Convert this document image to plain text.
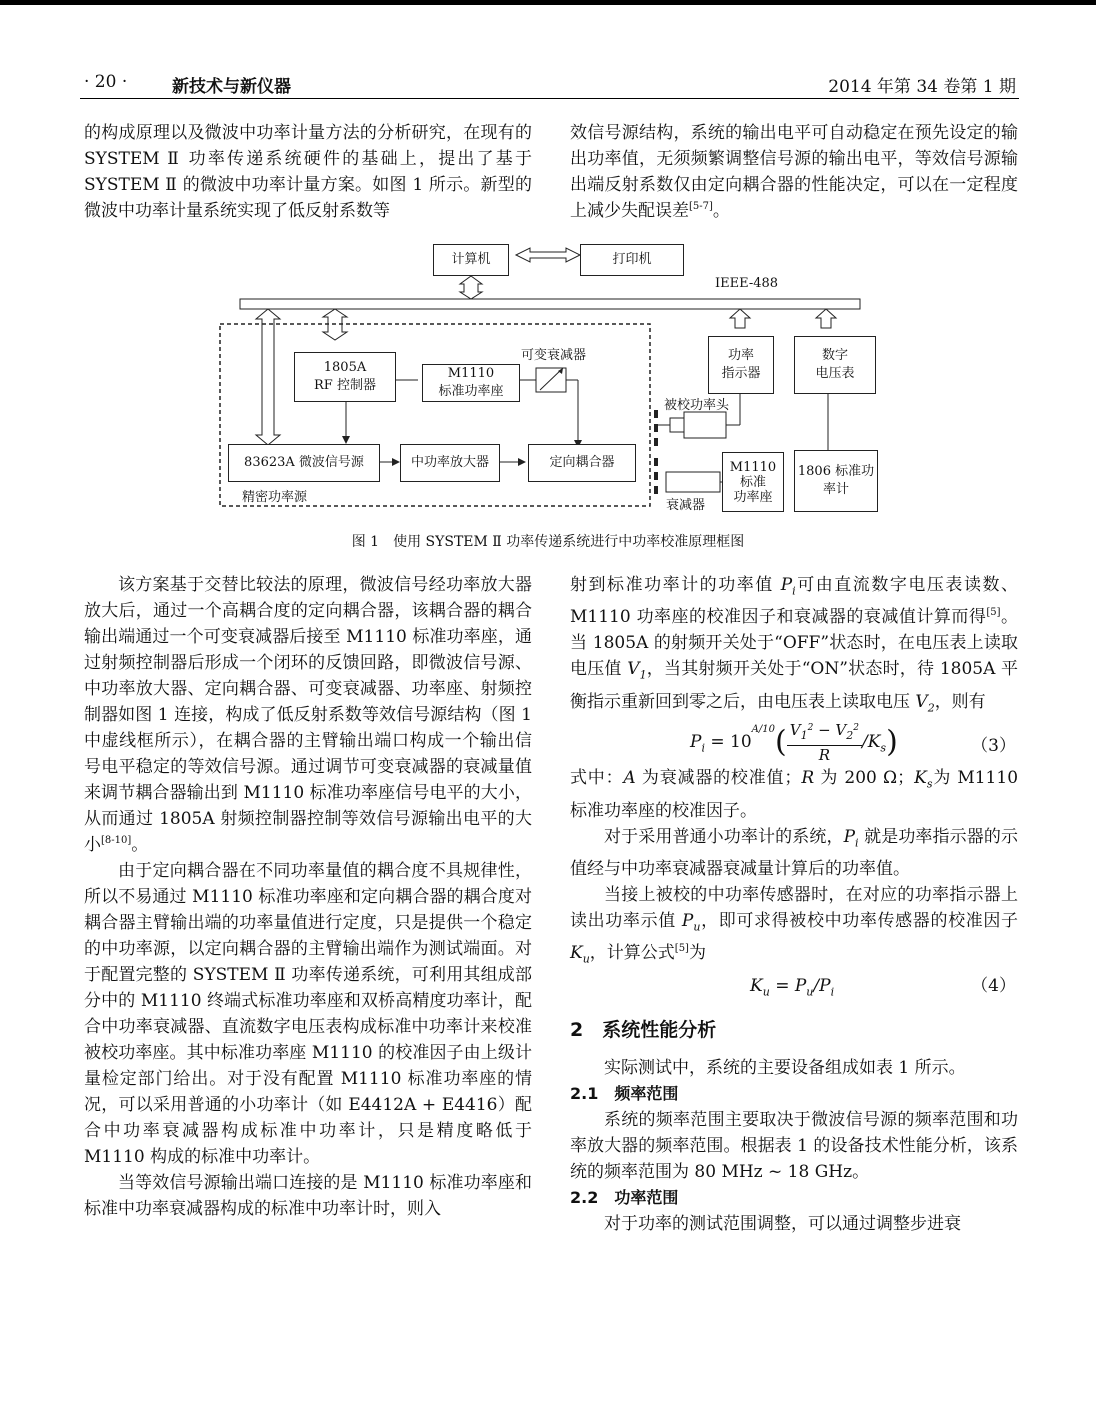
· 20 ·	新技术与新仪器	2014 年第 34 卷第 1 期

的构成原理以及微波中功率计量方法的分析研究，在现有的 SYSTEM Ⅱ 功率传递系统硬件的基础上，提出了基于 SYSTEM Ⅱ 的微波中功率计量方案。如图 1 所示。新型的微波中功率计量系统实现了低反射系数等

效信号源结构，系统的输出电平可自动稳定在预先设定的输出功率值，无须频繁调整信号源的输出电平，等效信号源输出端反射系数仅由定向耦合器的性能决定，可以在一定程度上减少失配误差[5-7]。

计算机	打印机
IEEE-488
1805A
RF 控制器
M1110
标准功率座
可变衰减器	功率
指示器
数字
电压表
被校功率头
83623A 微波信号源	中功率放大器	定向耦合器
精密功率源
衰减器
M1110
标准
功率座
1806 标准功
率计
图 1　使用 SYSTEM Ⅱ 功率传递系统进行中功率校准原理框图

该方案基于交替比较法的原理，微波信号经功率放大器放大后，通过一个高耦合度的定向耦合器，该耦合器的耦合输出端通过一个可变衰减器后接至 M1110 标准功率座，通过射频控制器后形成一个闭环的反馈回路，即微波信号源、中功率放大器、定向耦合器、可变衰减器、功率座、射频控制器如图 1 连接，构成了低反射系数等效信号源结构（图 1 中虚线框所示），在耦合器的主臂输出端口构成一个输出信号电平稳定的等效信号源。通过调节可变衰减器的衰减量值来调节耦合器输出到 M1110 标准功率座信号电平的大小，从而通过 1805A 射频控制器控制等效信号源输出电平的大小[8-10]。

由于定向耦合器在不同功率量值的耦合度不具规律性，所以不易通过 M1110 标准功率座和定向耦合器的耦合度对耦合器主臂输出端的功率量值进行定度，只是提供一个稳定的中功率源，以定向耦合器的主臂输出端作为测试端面。对于配置完整的 SYSTEM Ⅱ 功率传递系统，可利用其组成部分中的 M1110 终端式标准功率座和双桥高精度功率计，配合中功率衰减器、直流数字电压表构成标准中功率计来校准被校功率座。其中标准功率座 M1110 的校准因子由上级计量检定部门给出。对于没有配置 M1110 标准功率座的情况，可以采用普通的小功率计（如 E4412A + E4416）配合中功率衰减器构成标准中功率计，只是精度略低于 M1110 构成的标准中功率计。

当等效信号源输出端口连接的是 M1110 标准功率座和标准中功率衰减器构成的标准中功率计时，则入

射到标准功率计的功率值 $P_i$可由直流数字电压表读数、M1110 功率座的校准因子和衰减器的衰减值计算而得[5]。当 1805A 的射频开关处于“OFF”状态时，在电压表上读取电压值 $V_1$，当其射频开关处于“ON”状态时，待 1805A 平衡指示重新回到零之后，由电压表上读取电压 $V_2$，则有

$P_i = 10^{A/10}( \frac{V_1^2 - V_2^2}{R} /K_s)$	（3）

式中：A 为衰减器的校准值；R 为 200 Ω；$K_s$为 M1110 标准功率座的校准因子。

对于采用普通小功率计的系统，$P_i$ 就是功率指示器的示值经与中功率衰减器衰减量计算后的功率值。

当接上被校的中功率传感器时，在对应的功率指示器上读出功率示值 $P_u$，即可求得被校中功率传感器的校准因子 $K_u$，计算公式[5]为

$K_u = P_u/P_i$	（4）
2　系统性能分析

实际测试中，系统的主要设备组成如表 1 所示。

2.1　频率范围

系统的频率范围主要取决于微波信号源的频率范围和功率放大器的频率范围。根据表 1 的设备技术性能分析，该系统的频率范围为 80 MHz ~ 18 GHz。

2.2　功率范围

对于功率的测试范围调整，可以通过调整步进衰
